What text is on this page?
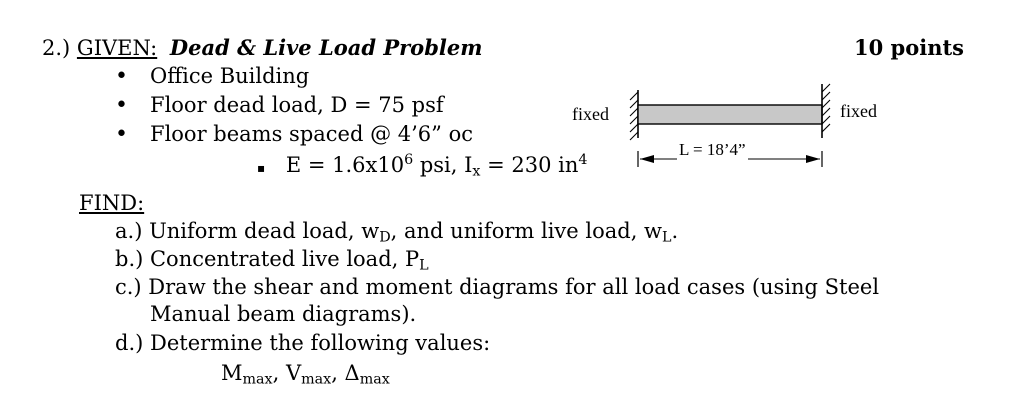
2.) GIVEN: Dead & Live Load Problem	10 points
• Office Building
• Floor dead load, D = 75 psf
• Floor beams spaced @ 4’6” oc
▪ $E = 1.6x10^6$ psi, $I_x = 230$ $in^4$
fixed	fixed
L = 18’4”
FIND:
a.) Uniform dead load, $w_D$, and uniform live load, $w_L$.
b.) Concentrated live load, $P_L$
c.) Draw the shear and moment diagrams for all load cases (using Steel
Manual beam diagrams).
d.) Determine the following values:
$M_{max}$, $V_{max}$, $\Delta_{max}$
